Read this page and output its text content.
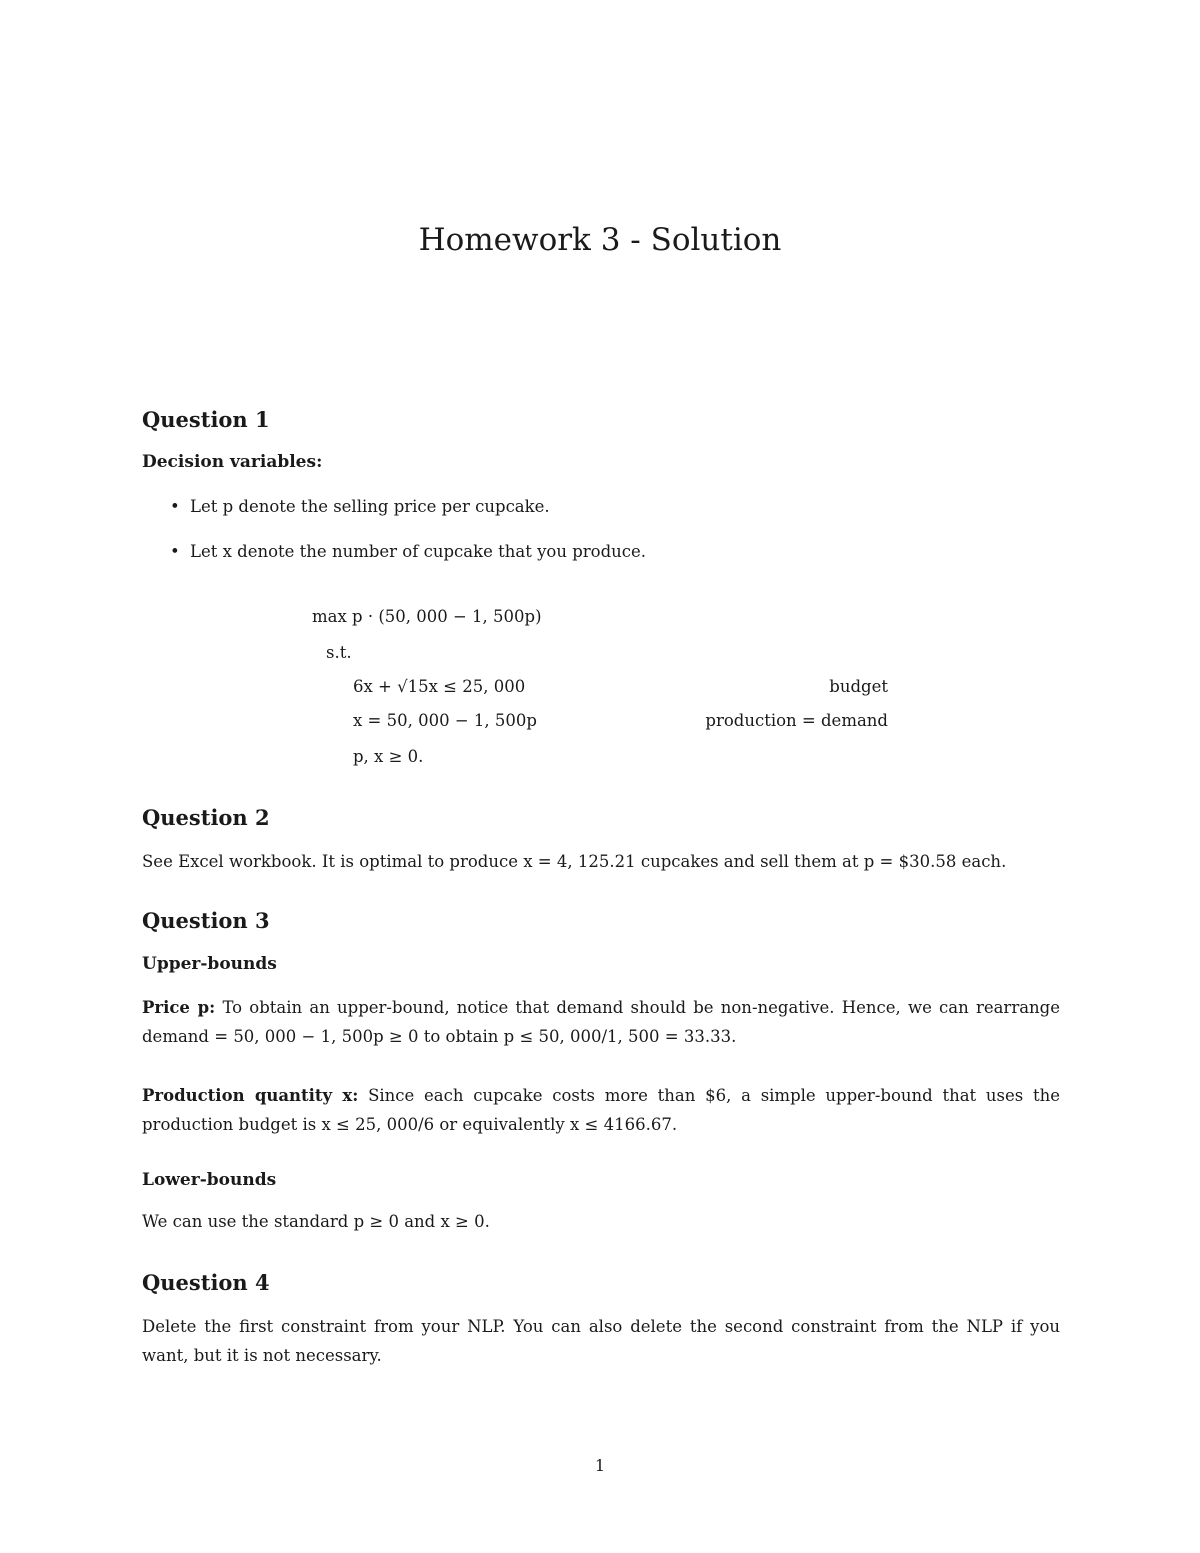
Homework 3 - Solution
Question 1
Decision variables:
• Let p denote the selling price per cupcake.
• Let x denote the number of cupcake that you produce.
max p · (50, 000 − 1, 500p)
s.t.
6x + √15x ≤ 25, 000	budget
x = 50, 000 − 1, 500p	production = demand
p, x ≥ 0.
Question 2
See Excel workbook. It is optimal to produce x = 4, 125.21 cupcakes and sell them at p = $30.58 each.
Question 3
Upper-bounds
Price p: To obtain an upper-bound, notice that demand should be non-negative. Hence, we can rearrange demand = 50, 000 − 1, 500p ≥ 0 to obtain p ≤ 50, 000/1, 500 = 33.33.
Production quantity x: Since each cupcake costs more than $6, a simple upper-bound that uses the production budget is x ≤ 25, 000/6 or equivalently x ≤ 4166.67.
Lower-bounds
We can use the standard p ≥ 0 and x ≥ 0.
Question 4
Delete the first constraint from your NLP. You can also delete the second constraint from the NLP if you want, but it is not necessary.
1
